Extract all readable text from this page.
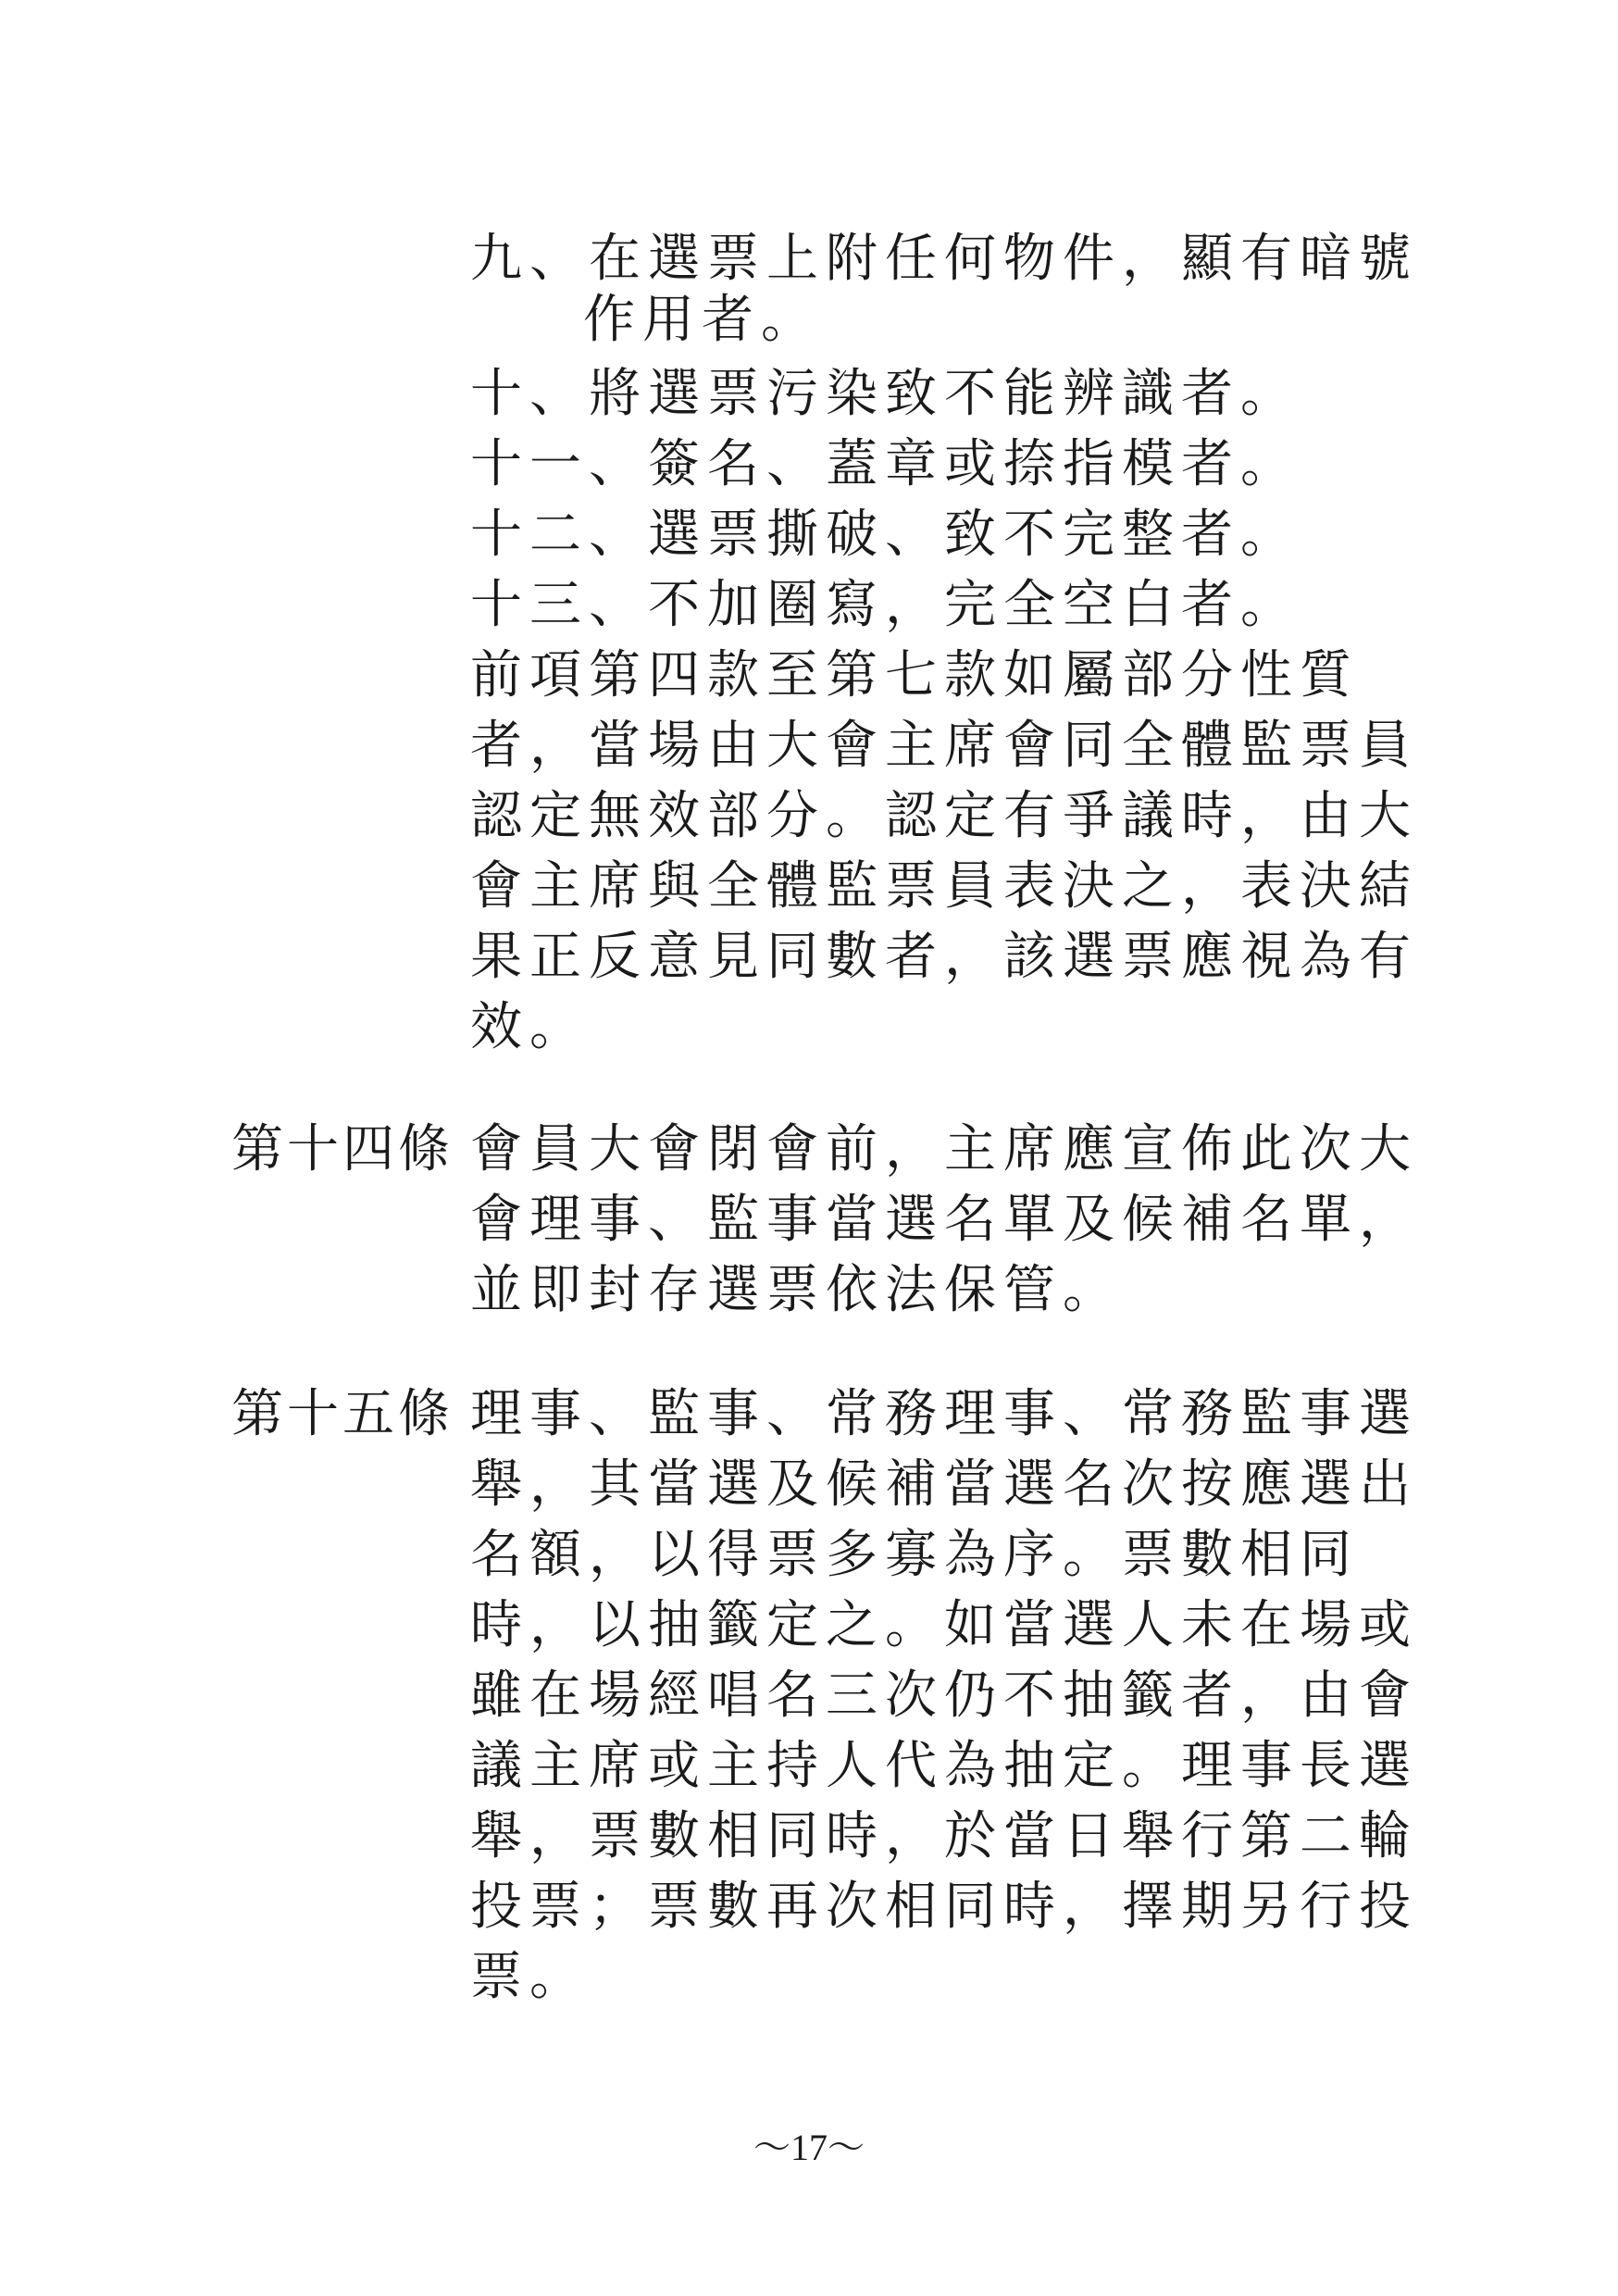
九、在選票上附任何物件，顯有暗號
作用者。
十、將選票污染致不能辨識者。
十一、簽名、蓋章或捺指模者。
十二、選票撕破、致不完整者。
十三、不加圈寫，完全空白者。
前項第四款至第七款如屬部分性質
者，當場由大會主席會同全體監票員
認定無效部分。認定有爭議時，由大
會主席與全體監票員表決之，表決結
果正反意見同數者，該選票應視為有
效。
第十四條 會員大會閉會前，主席應宣佈此次大
會理事、監事當選名單及候補名單，
並即封存選票依法保管。
第十五條 理事、監事、常務理事、常務監事選
舉，其當選及候補當選名次按應選出
名額，以得票多寡為序。票數相同
時，以抽籤定之。如當選人未在場或
雖在場經唱名三次仍不抽籤者，由會
議主席或主持人代為抽定。理事長選
舉，票數相同時，於當日舉行第二輪
投票；票數再次相同時，擇期另行投
票。
～17～
